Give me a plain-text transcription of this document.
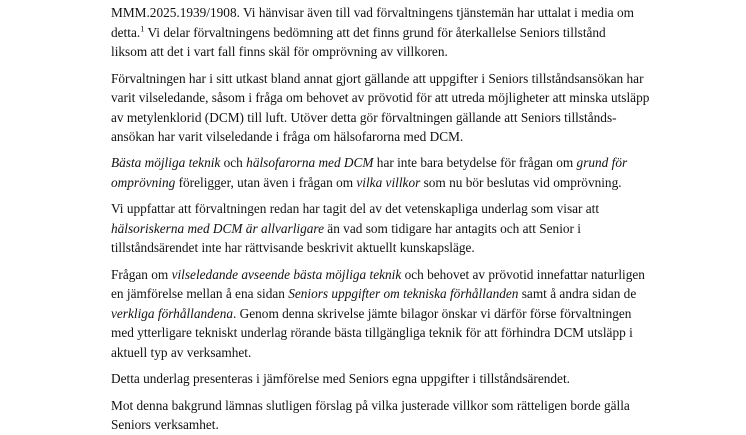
MMM.2025.1939/1908. Vi hänvisar även till vad förvaltningens tjänstemän har uttalat i media om
detta.$^1$ Vi delar förvaltningens bedömning att det finns grund för återkallelse Seniors tillstånd
liksom att det i vart fall finns skäl för omprövning av villkoren.
Förvaltningen har i sitt utkast bland annat gjort gällande att uppgifter i Seniors tillståndsansökan har
varit vilseledande, såsom i fråga om behovet av prövotid för att utreda möjligheter att minska utsläpp
av metylenklorid (DCM) till luft. Utöver detta gör förvaltningen gällande att Seniors tillstånds-
ansökan har varit vilseledande i fråga om hälsofarorna med DCM.
Bästa möjliga teknik och hälsofarorna med DCM har inte bara betydelse för frågan om grund för
omprövning föreligger, utan även i frågan om vilka villkor som nu bör beslutas vid omprövning.
Vi uppfattar att förvaltningen redan har tagit del av det vetenskapliga underlag som visar att
hälsoriskerna med DCM är allvarligare än vad som tidigare har antagits och att Senior i
tillståndsärendet inte har rättvisande beskrivit aktuellt kunskapsläge.
Frågan om vilseledande avseende bästa möjliga teknik och behovet av prövotid innefattar naturligen
en jämförelse mellan å ena sidan Seniors uppgifter om tekniska förhållanden samt å andra sidan de
verkliga förhållandena. Genom denna skrivelse jämte bilagor önskar vi därför förse förvaltningen
med ytterligare tekniskt underlag rörande bästa tillgängliga teknik för att förhindra DCM utsläpp i
aktuell typ av verksamhet.
Detta underlag presenteras i jämförelse med Seniors egna uppgifter i tillståndsärendet.
Mot denna bakgrund lämnas slutligen förslag på vilka justerade villkor som rätteligen borde gälla
Seniors verksamhet.
